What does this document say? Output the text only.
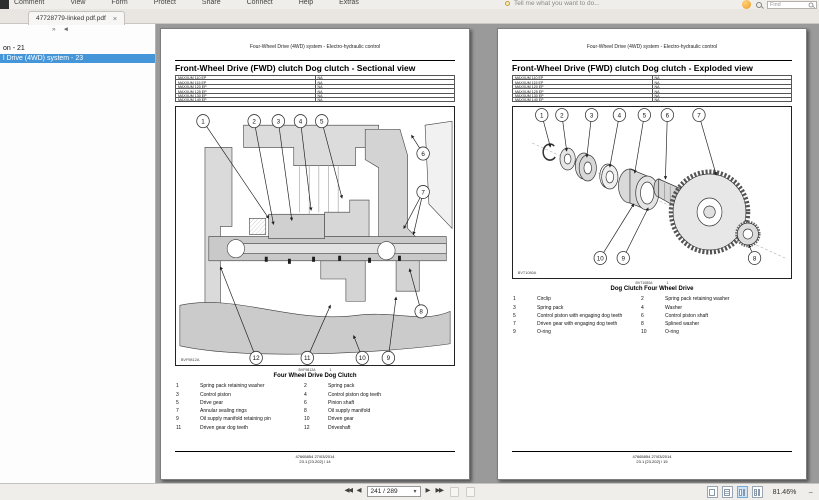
Comment	View	Form	Protect	Share	Connect	Help	Extras	Tell me what you want to do...	Find
47728779-linked pdf.pdf ×
» ◄
on - 21
l Drive (4WD) system - 23
Four-Wheel Drive (4WD) system - Electro-hydraulic control
Front-Wheel Drive (FWD) clutch Dog clutch - Sectional view
MAXXUM 110 EP	NA
MAXXUM 115 EP	NA
MAXXUM 120 EP	NA
MAXXUM 125 EP	NA
MAXXUM 130 EP	NA
MAXXUM 140 EP	NA
1	2	3	4	5
6
7
8
9
10
11
12
BVF9812A
BVF9812A	1
Four Wheel Drive Dog Clutch
1	Spring pack retaining washer	2	Spring pack
3	Control piston	4	Control piston dog teeth
5	Drive gear	6	Pinion shaft
7	Annular sealing rings	8	Oil supply manifold
9	Oil supply manifold retaining pin	10	Driven gear
11	Driven gear dog teeth	12	Driveshaft
47665854 27/03/2014
23.1 [23.202] / 14
Four-Wheel Drive (4WD) system - Electro-hydraulic control
Front-Wheel Drive (FWD) clutch Dog clutch - Exploded view
MAXXUM 110 EP	NA
MAXXUM 115 EP	NA
MAXXUM 120 EP	NA
MAXXUM 125 EP	NA
MAXXUM 130 EP	NA
MAXXUM 140 EP	NA
1	2	3	4	5	6	7
10	9	8
BVT1080A
BVT1080A	1
Dog Clutch Four Wheel Drive
1	Circlip	2	Spring pack retaining washer
3	Spring pack	4	Washer
5	Control piston with engaging dog teeth	6	Control piston shaft
7	Driven gear with engaging dog teeth	8	Splined washer
9	O-ring	10	O-ring
47665854 27/03/2014
23.1 [23.202] / 15
◀◀ ◀ 241 / 289	▾ ▶ ▶▶	81.46% −
